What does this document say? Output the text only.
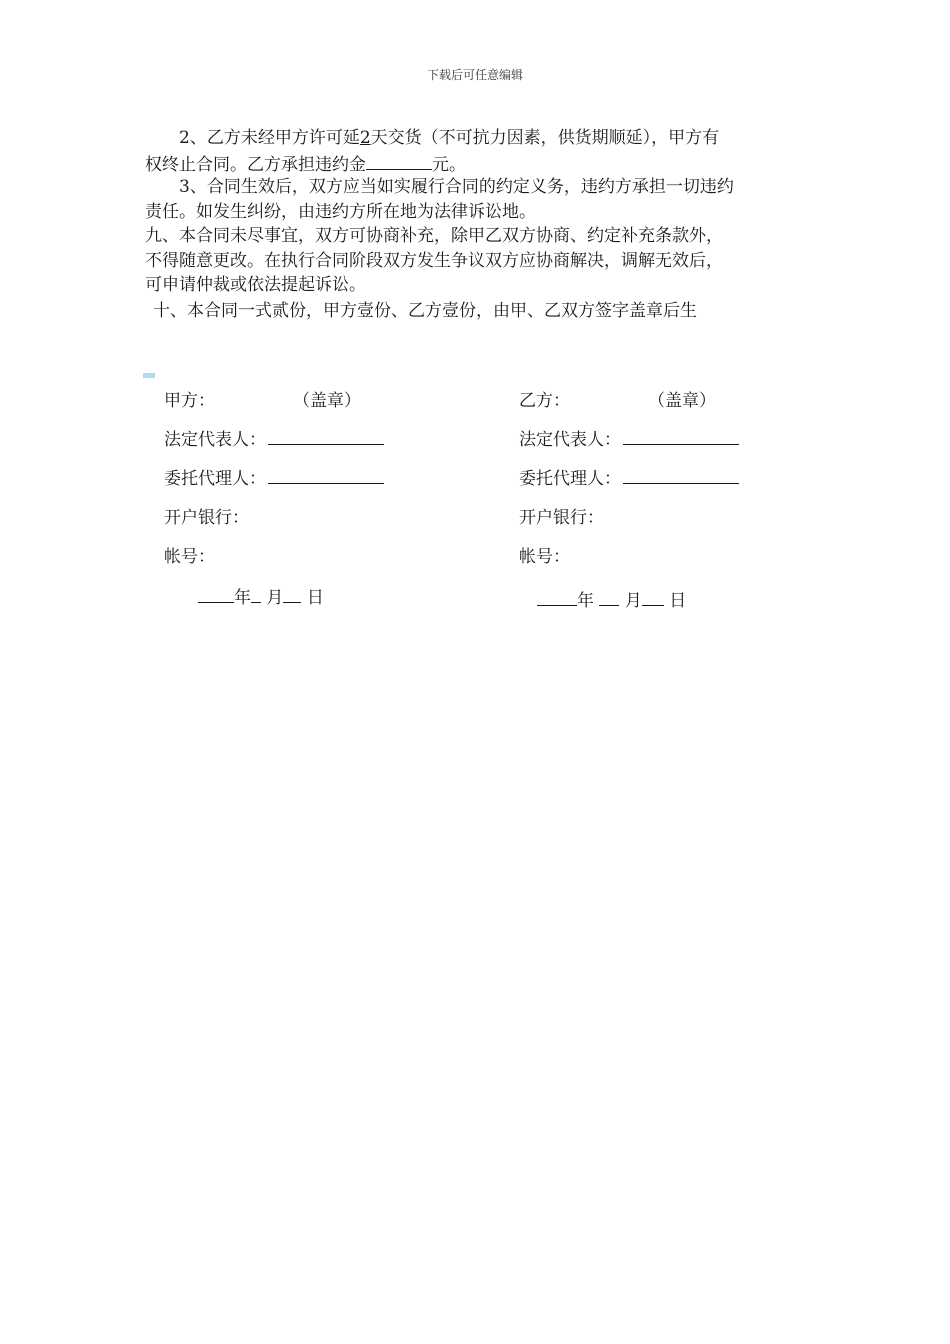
下载后可任意编辑
2、乙方未经甲方许可延2天交货（不可抗力因素，供货期顺延），甲方有
权终止合同。乙方承担违约金	元。
3、合同生效后，双方应当如实履行合同的约定义务，违约方承担一切违约
责任。如发生纠纷，由违约方所在地为法律诉讼地。
九、本合同未尽事宜，双方可协商补充，除甲乙双方协商、约定补充条款外，
不得随意更改。在执行合同阶段双方发生争议双方应协商解决，调解无效后，
可申请仲裁或依法提起诉讼。
十、本合同一式贰份，甲方壹份、乙方壹份，由甲、乙双方签字盖章后生
甲方：	（盖章）
法定代表人：
委托代理人：
开户银行：
帐号：
年 月 日
乙方：	（盖章）
法定代表人：
委托代理人：
开户银行：
帐号：
年 月 日
